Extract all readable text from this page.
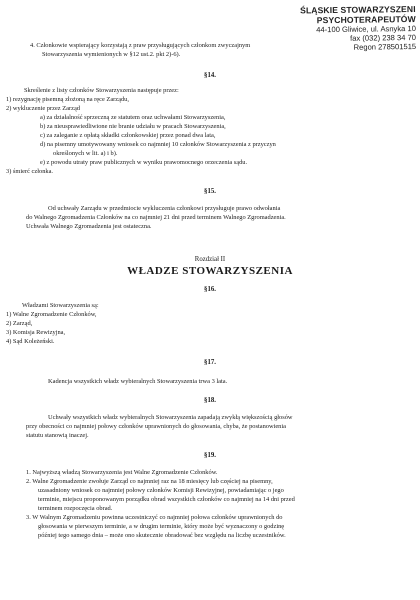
ŚLĄSKIE STOWARZYSZENI
PSYCHOTERAPEUTÓW
44-100 Gliwice, ul. Asnyka 10
fax (032) 238 34 70
Regon 278501515
4. Członkowie wspierający korzystają z praw przysługujących członkom zwyczajnym
Stowarzyszenia wymienionych w §12 ust.2. pkt 2)-6).
§14.
Skreślenie z listy członków Stowarzyszenia następuje przez:
1) rezygnację pisemną złożoną na ręce Zarządu,
2) wykluczenie przez Zarząd
a) za działalność sprzeczną ze statutem oraz uchwałami Stowarzyszenia,
b) za nieusprawiedliwione nie branie udziału w pracach Stowarzyszenia,
c) za zaleganie z opłatą składki członkowskiej przez ponad dwa lata,
d) na pisemny umotywowany wniosek co najmniej 10 członków Stowarzyszenia z przyczyn
określonych w lit. a) i b).
e) z powodu utraty praw publicznych w wyniku prawomocnego orzeczenia sądu.
3) śmierć członka.
§15.
Od uchwały Zarządu w przedmiocie wykluczenia członkowi przysługuje prawo odwołania
do Walnego Zgromadzenia Członków na co najmniej 21 dni przed terminem Walnego Zgromadzenia.
Uchwała Walnego Zgromadzenia jest ostateczna.
Rozdział II
WŁADZE STOWARZYSZENIA
§16.
Władzami Stowarzyszenia są:
1) Walne Zgromadzenie Członków,
2) Zarząd,
3) Komisja Rewizyjna,
4) Sąd Koleżeński.
§17.
Kadencja wszystkich władz wybieralnych Stowarzyszenia trwa 3 lata.
§18.
Uchwały wszystkich władz wybieralnych Stowarzyszenia zapadają zwykłą większością głosów
przy obecności co najmniej połowy członków uprawnionych do głosowania, chyba, że postanowienia
statutu stanowią inaczej.
§19.
1. Najwyższą władzą Stowarzyszenia jest Walne Zgromadzenie Członków.
2. Walne Zgromadzenie zwołuje Zarząd co najmniej raz na 18 miesięcy lub częściej na pisemny,
uzasadniony wniosek co najmniej połowy członków Komisji Rewizyjnej, powiadamiając o jego
terminie, miejscu proponowanym porządku obrad wszystkich członków co najmniej na 14 dni przed
terminem rozpoczęcia obrad.
3. W Walnym Zgromadzeniu powinna uczestniczyć co najmniej połowa członków uprawnionych do
głosowania w pierwszym terminie, a w drugim terminie, który może być wyznaczony o godzinę
później tego samego dnia – może ono skutecznie obradować bez względu na liczbę uczestników.
